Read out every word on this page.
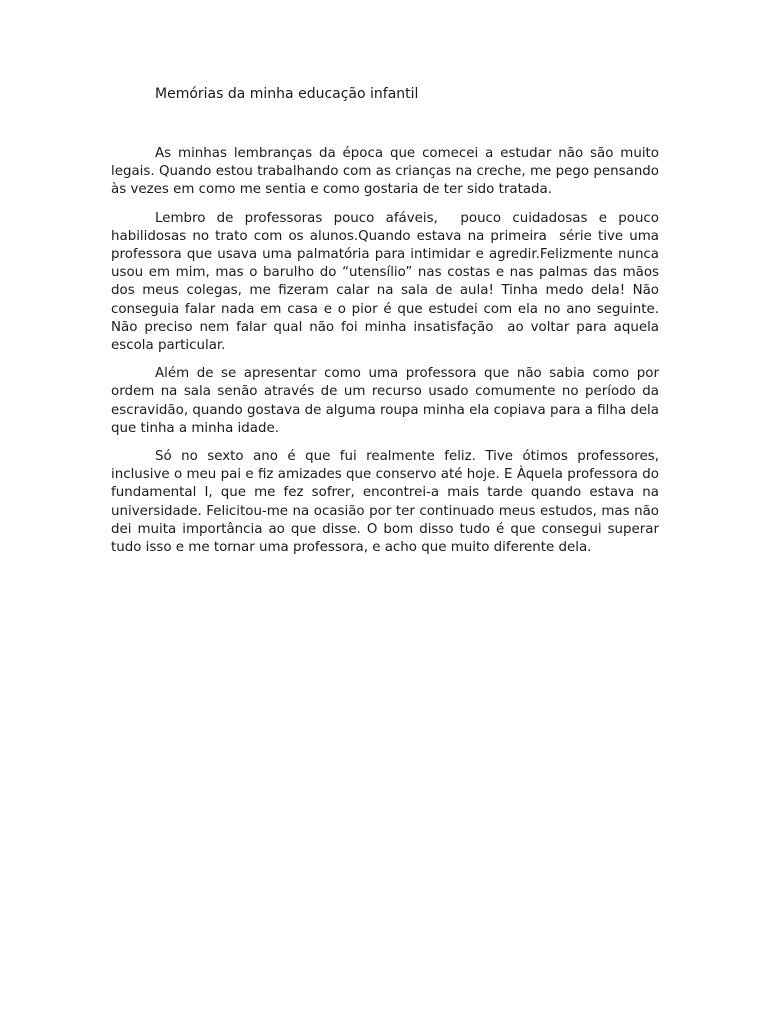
Memórias da minha educação infantil

As minhas lembranças da época que comecei a estudar não são muito legais. Quando estou trabalhando com as crianças na creche, me pego pensando às vezes em como me sentia e como gostaria de ter sido tratada.

Lembro de professoras pouco afáveis,  pouco cuidadosas e pouco habilidosas no trato com os alunos.Quando estava na primeira  série tive uma professora que usava uma palmatória para intimidar e agredir.Felizmente nunca usou em mim, mas o barulho do “utensílio” nas costas e nas palmas das mãos dos meus colegas, me fizeram calar na sala de aula! Tinha medo dela! Não conseguia falar nada em casa e o pior é que estudei com ela no ano seguinte. Não preciso nem falar qual não foi minha insatisfação  ao voltar para aquela escola particular.

Além de se apresentar como uma professora que não sabia como por ordem na sala senão através de um recurso usado comumente no período da escravidão, quando gostava de alguma roupa minha ela copiava para a filha dela que tinha a minha idade.

Só no sexto ano é que fui realmente feliz. Tive ótimos professores, inclusive o meu pai e fiz amizades que conservo até hoje. E Àquela professora do fundamental I, que me fez sofrer, encontrei-a mais tarde quando estava na universidade. Felicitou-me na ocasião por ter continuado meus estudos, mas não dei muita importância ao que disse. O bom disso tudo é que consegui superar tudo isso e me tornar uma professora, e acho que muito diferente dela.
